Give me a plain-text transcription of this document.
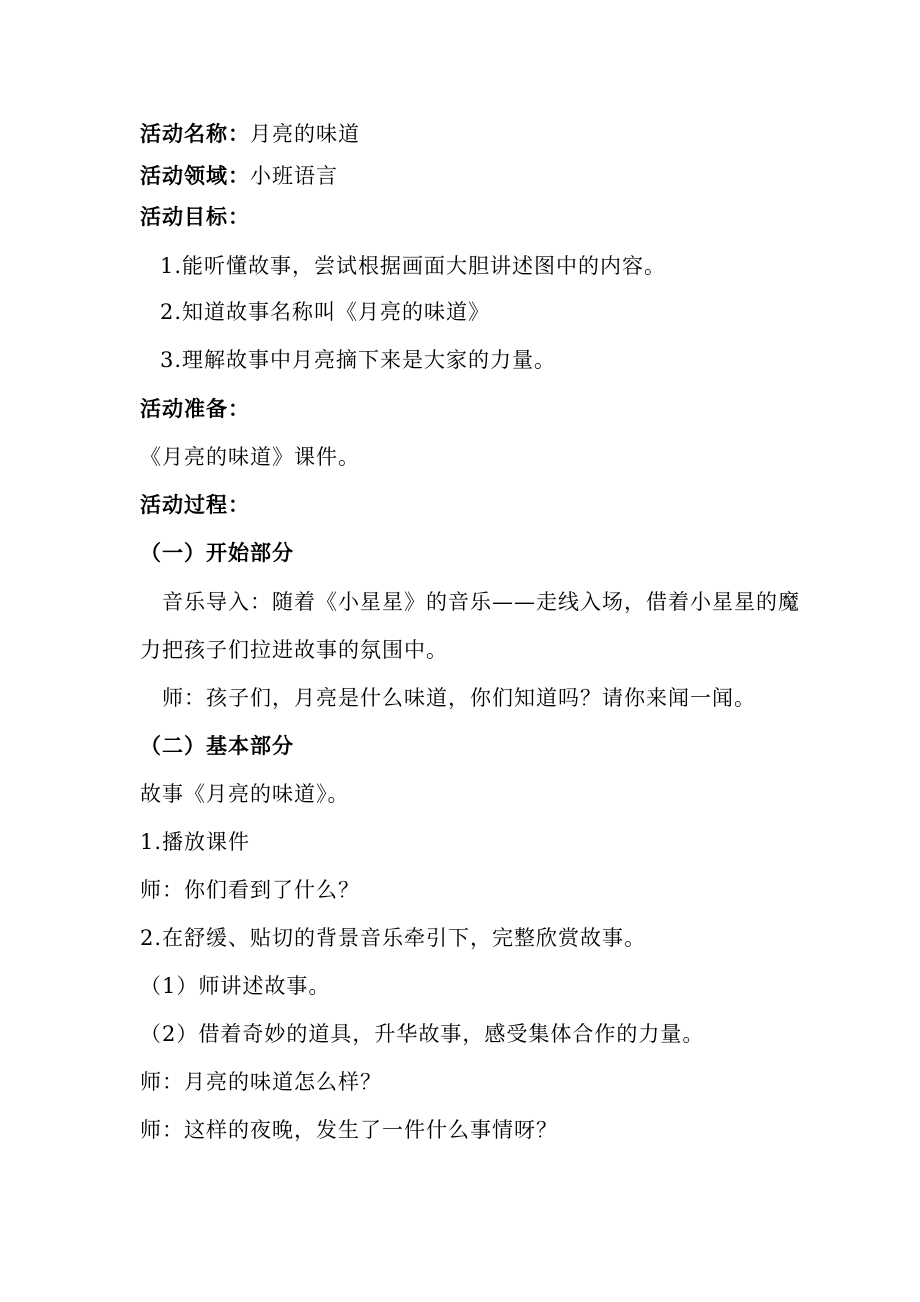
活动名称：月亮的味道
活动领域：小班语言
活动目标：
1.能听懂故事，尝试根据画面大胆讲述图中的内容。
2.知道故事名称叫《月亮的味道》
3.理解故事中月亮摘下来是大家的力量。
活动准备：
《月亮的味道》课件。
活动过程：
（一）开始部分
音乐导入：随着《小星星》的音乐——走线入场，借着小星星的魔
力把孩子们拉进故事的氛围中。
师：孩子们，月亮是什么味道，你们知道吗？请你来闻一闻。
（二）基本部分
故事《月亮的味道》。
1.播放课件
师：你们看到了什么？
2.在舒缓、贴切的背景音乐牵引下，完整欣赏故事。
（1）师讲述故事。
（2）借着奇妙的道具，升华故事，感受集体合作的力量。
师：月亮的味道怎么样？
师：这样的夜晚，发生了一件什么事情呀？
